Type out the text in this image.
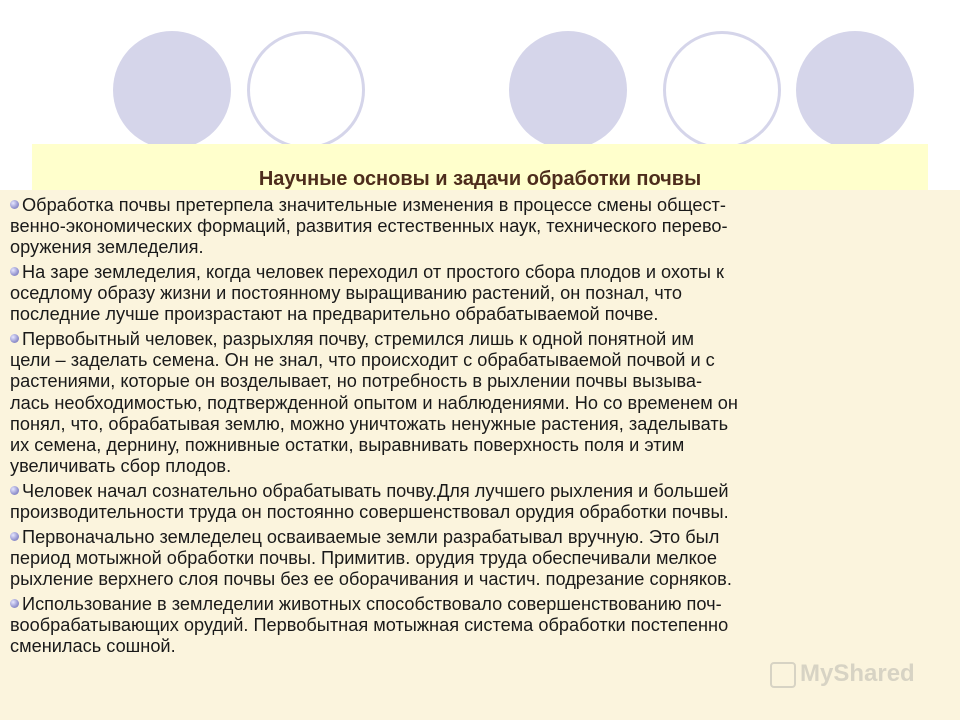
Научные основы и задачи обработки почвы
Обработка почвы претерпела значительные изменения в процессе смены общест-
венно-экономических формаций, развития естественных наук, технического перево-
оружения земледелия.
На заре земледелия, когда человек переходил от простого сбора плодов и охоты к
оседлому образу жизни и постоянному выращиванию растений, он познал, что
последние лучше произрастают на предварительно обрабатываемой почве.
Первобытный человек, разрыхляя почву, стремился лишь к одной понятной им
цели – заделать семена. Он не знал, что происходит с обрабатываемой почвой и с
растениями, которые он возделывает, но потребность в рыхлении почвы вызыва-
лась необходимостью, подтвержденной опытом и наблюдениями. Но со временем он
понял, что, обрабатывая землю, можно уничтожать ненужные растения, заделывать
их семена, дернину, пожнивные остатки, выравнивать поверхность поля и этим
увеличивать сбор плодов.
Человек начал сознательно обрабатывать почву.Для лучшего рыхления и большей
производительности труда он постоянно совершенствовал орудия обработки почвы.
Первоначально земледелец осваиваемые земли разрабатывал вручную. Это был
период мотыжной обработки почвы. Примитив. орудия труда обеспечивали мелкое
рыхление верхнего слоя почвы без ее оборачивания и частич. подрезание сорняков.
Использование в земледелии животных способствовало совершенствованию поч-
вообрабатывающих орудий. Первобытная мотыжная система обработки постепенно
сменилась сошной.
MyShared
